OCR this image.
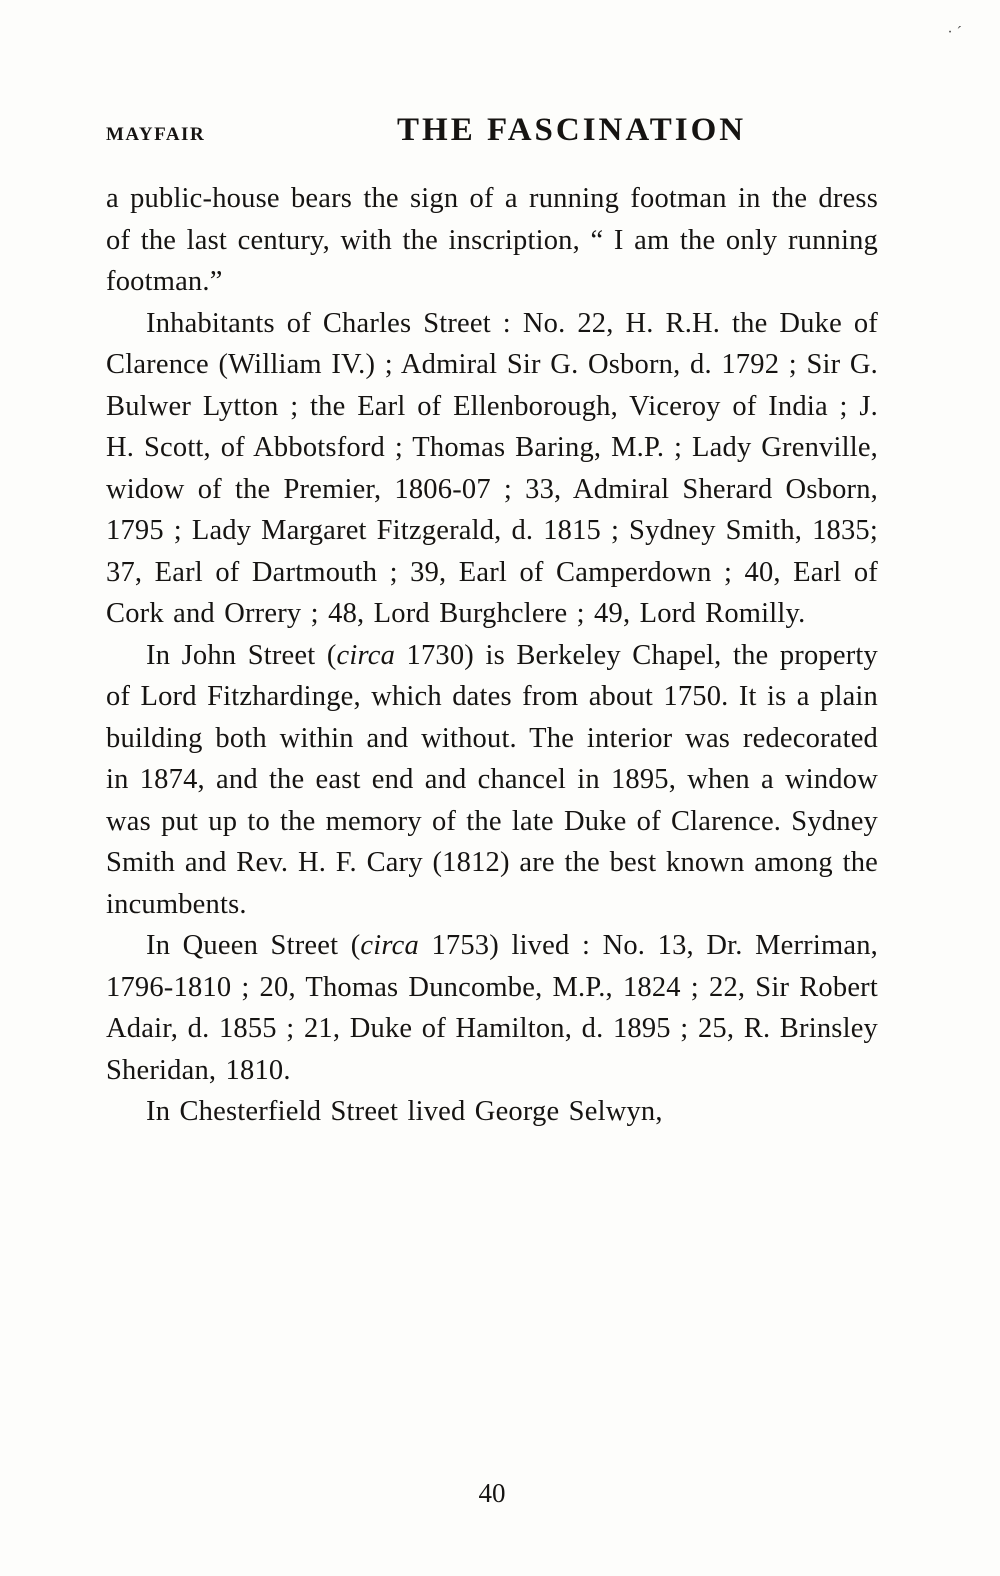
· ˊ
MAYFAIR	THE FASCINATION

a public-house bears the sign of a running footman in the dress of the last century, with the inscription, “ I am the only running footman.”

Inhabitants of Charles Street : No. 22, H. R.H. the Duke of Clarence (William IV.) ; Admiral Sir G. Osborn, d. 1792 ; Sir G. Bulwer Lytton ; the Earl of Ellenborough, Viceroy of India ; J. H. Scott, of Abbotsford ; Thomas Baring, M.P. ; Lady Grenville, widow of the Premier, 1806-07 ; 33, Admiral Sherard Osborn, 1795 ; Lady Margaret Fitzgerald, d. 1815 ; Sydney Smith, 1835; 37, Earl of Dartmouth ; 39, Earl of Camperdown ; 40, Earl of Cork and Orrery ; 48, Lord Burghclere ; 49, Lord Romilly.

In John Street (circa 1730) is Berkeley Chapel, the property of Lord Fitzhardinge, which dates from about 1750. It is a plain building both within and without. The interior was redecorated in 1874, and the east end and chancel in 1895, when a window was put up to the memory of the late Duke of Clarence. Sydney Smith and Rev. H. F. Cary (1812) are the best known among the incumbents.

In Queen Street (circa 1753) lived : No. 13, Dr. Merriman, 1796-1810 ; 20, Thomas Duncombe, M.P., 1824 ; 22, Sir Robert Adair, d. 1855 ; 21, Duke of Hamilton, d. 1895 ; 25, R. Brinsley Sheridan, 1810.

In Chesterfield Street lived George Selwyn,

40
